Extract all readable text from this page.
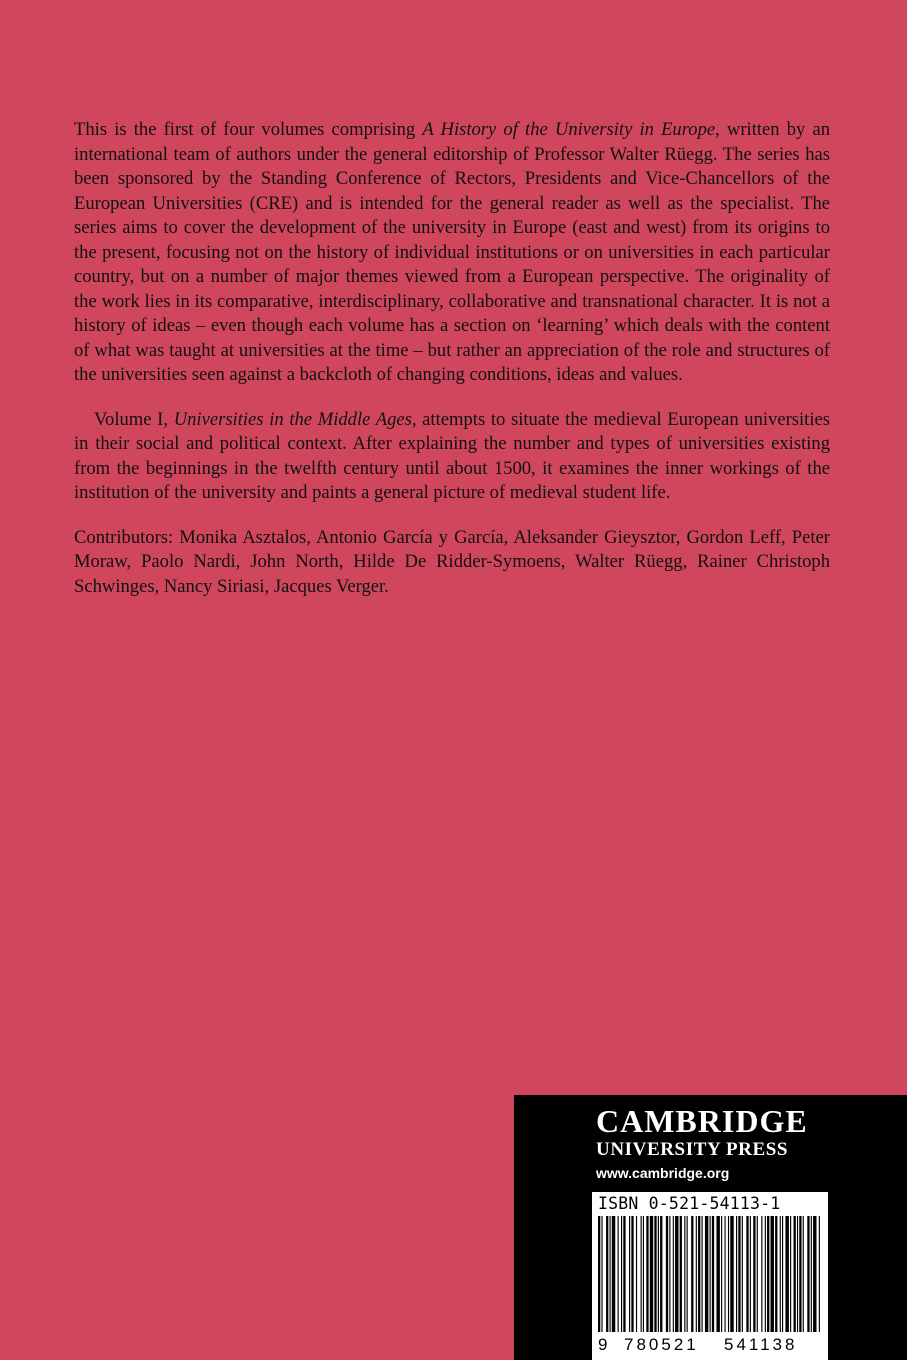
This is the first of four volumes comprising A History of the University in Europe, written by an international team of authors under the general editorship of Professor Walter Rüegg. The series has been sponsored by the Standing Conference of Rectors, Presidents and Vice-Chancellors of the European Universities (CRE) and is intended for the general reader as well as the specialist. The series aims to cover the development of the university in Europe (east and west) from its origins to the present, focusing not on the history of individual institutions or on universities in each particular country, but on a number of major themes viewed from a European perspective. The originality of the work lies in its comparative, interdisciplinary, collaborative and transnational character. It is not a history of ideas – even though each volume has a section on ‘learning’ which deals with the content of what was taught at universities at the time – but rather an appreciation of the role and structures of the universities seen against a backcloth of changing conditions, ideas and values.

Volume I, Universities in the Middle Ages, attempts to situate the medieval European universities in their social and political context. After explaining the number and types of universities existing from the beginnings in the twelfth century until about 1500, it examines the inner workings of the institution of the university and paints a general picture of medieval student life.

Contributors: Monika Asztalos, Antonio García y García, Aleksander Gieysztor, Gordon Leff, Peter Moraw, Paolo Nardi, John North, Hilde De Ridder-Symoens, Walter Rüegg, Rainer Christoph Schwinges, Nancy Siriasi, Jacques Verger.

CAMBRIDGE
UNIVERSITY PRESS
www.cambridge.org
ISBN 0-521-54113-1
9 780521 541138
